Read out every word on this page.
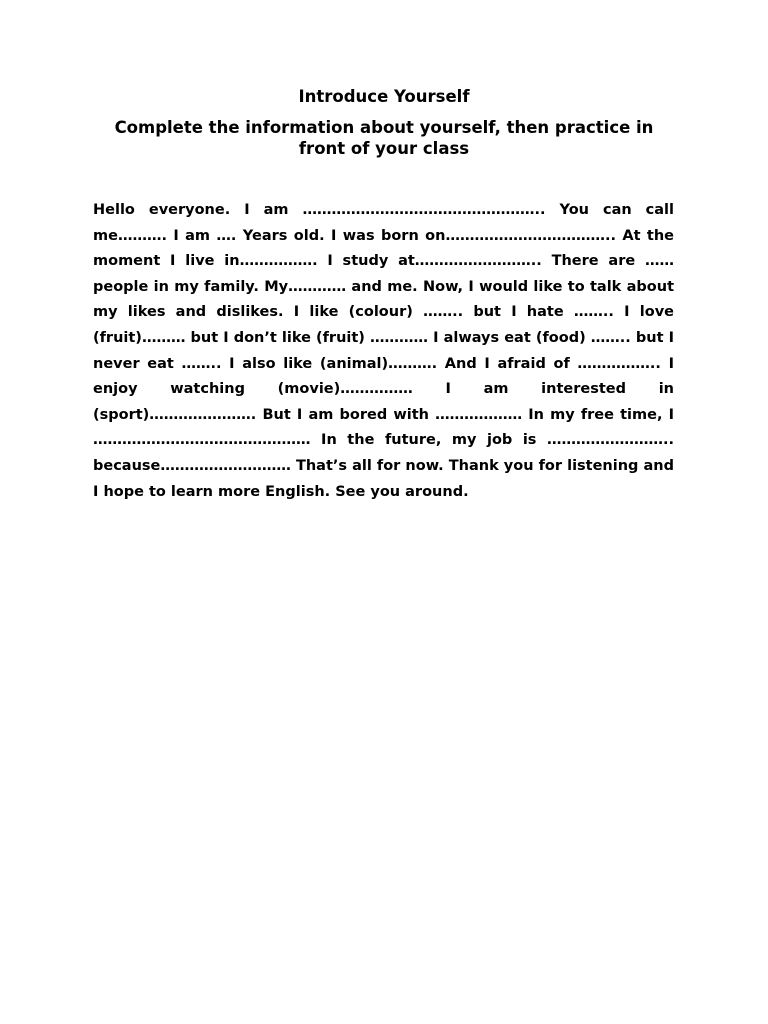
Introduce Yourself
Complete the information about yourself, then practice in front of your class

Hello everyone. I am ………………………………………….. You can call me………. I am …. Years old. I was born on…………………………….. At the moment I live in……………. I study at…………………….. There are …… people in my family. My………… and me. Now, I would like to talk about my likes and dislikes. I like (colour) …….. but I hate …….. I love (fruit)……… but I don’t like (fruit) ………… I always eat (food) …….. but I never eat …….. I also like (animal)………. And I afraid of …………….. I enjoy watching (movie)…………… I am interested in (sport)…………………. But I am bored with ……………… In my free time, I ……………………………………… In the future, my job is …………………….. because……………………… That’s all for now. Thank you for listening and I hope to learn more English. See you around.
